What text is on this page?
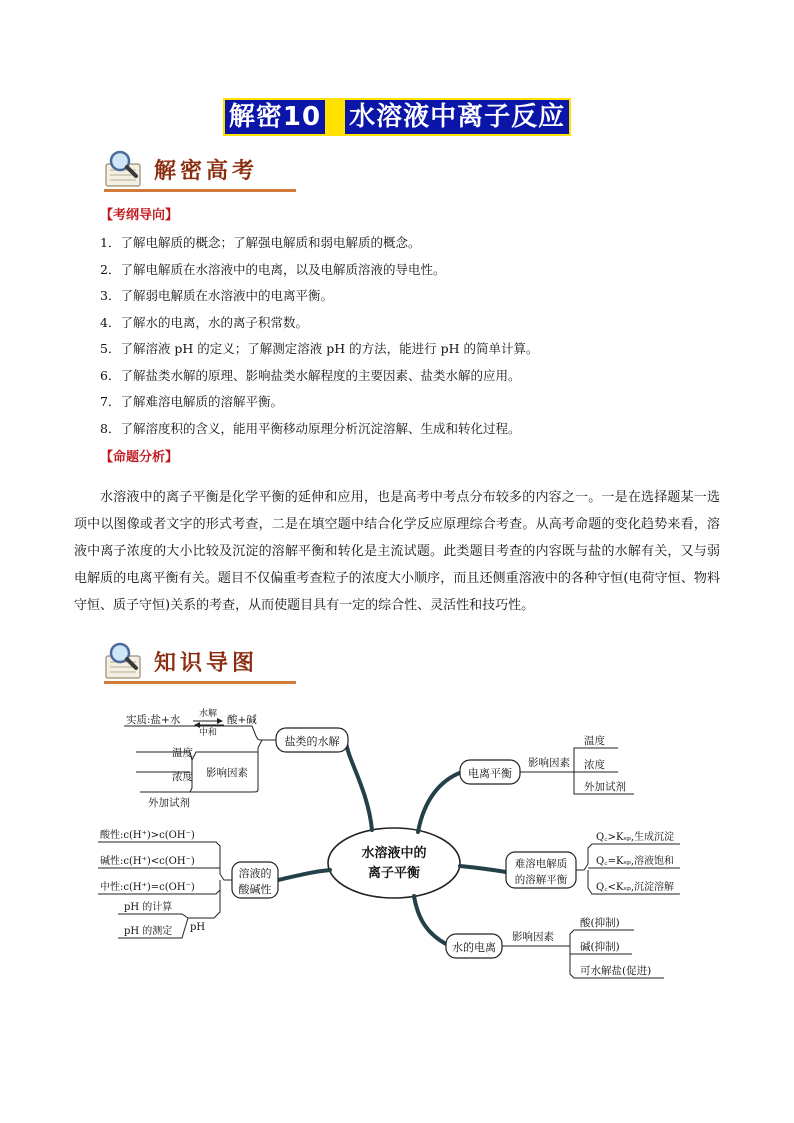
解密10 水溶液中离子反应
解密高考
【考纲导向】
1．了解电解质的概念；了解强电解质和弱电解质的概念。
2．了解电解质在水溶液中的电离，以及电解质溶液的导电性。
3．了解弱电解质在水溶液中的电离平衡。
4．了解水的电离，水的离子积常数。
5．了解溶液 pH 的定义；了解测定溶液 pH 的方法，能进行 pH 的简单计算。
6．了解盐类水解的原理、影响盐类水解程度的主要因素、盐类水解的应用。
7．了解难溶电解质的溶解平衡。
8．了解溶度积的含义，能用平衡移动原理分析沉淀溶解、生成和转化过程。
【命题分析】

水溶液中的离子平衡是化学平衡的延伸和应用，也是高考中考点分布较多的内容之一。一是在选择题某一选项中以图像或者文字的形式考查，二是在填空题中结合化学反应原理综合考查。从高考命题的变化趋势来看，溶液中离子浓度的大小比较及沉淀的溶解平衡和转化是主流试题。此类题目考查的内容既与盐的水解有关，又与弱电解质的电离平衡有关。题目不仅偏重考查粒子的浓度大小顺序，而且还侧重溶液中的各种守恒(电荷守恒、物料守恒、质子守恒)关系的考查，从而使题目具有一定的综合性、灵活性和技巧性。

知识导图
水溶液中的
离子平衡
盐类的水解
实质:盐+水 水解
中和
酸+碱
影响因素
温度
浓度
外加试剂
电离平衡
影响因素
温度
浓度
外加试剂
溶液的
酸碱性
酸性:c(H⁺)>c(OH⁻)
碱性:c(H⁺)<c(OH⁻)
中性:c(H⁺)=c(OH⁻)
pH
pH 的计算
pH 的测定
难溶电解质
的溶解平衡
Q꜀>Kₛₚ,生成沉淀
Q꜀=Kₛₚ,溶液饱和
Q꜀<Kₛₚ,沉淀溶解
水的电离
影响因素
酸(抑制)
碱(抑制)
可水解盐(促进)
